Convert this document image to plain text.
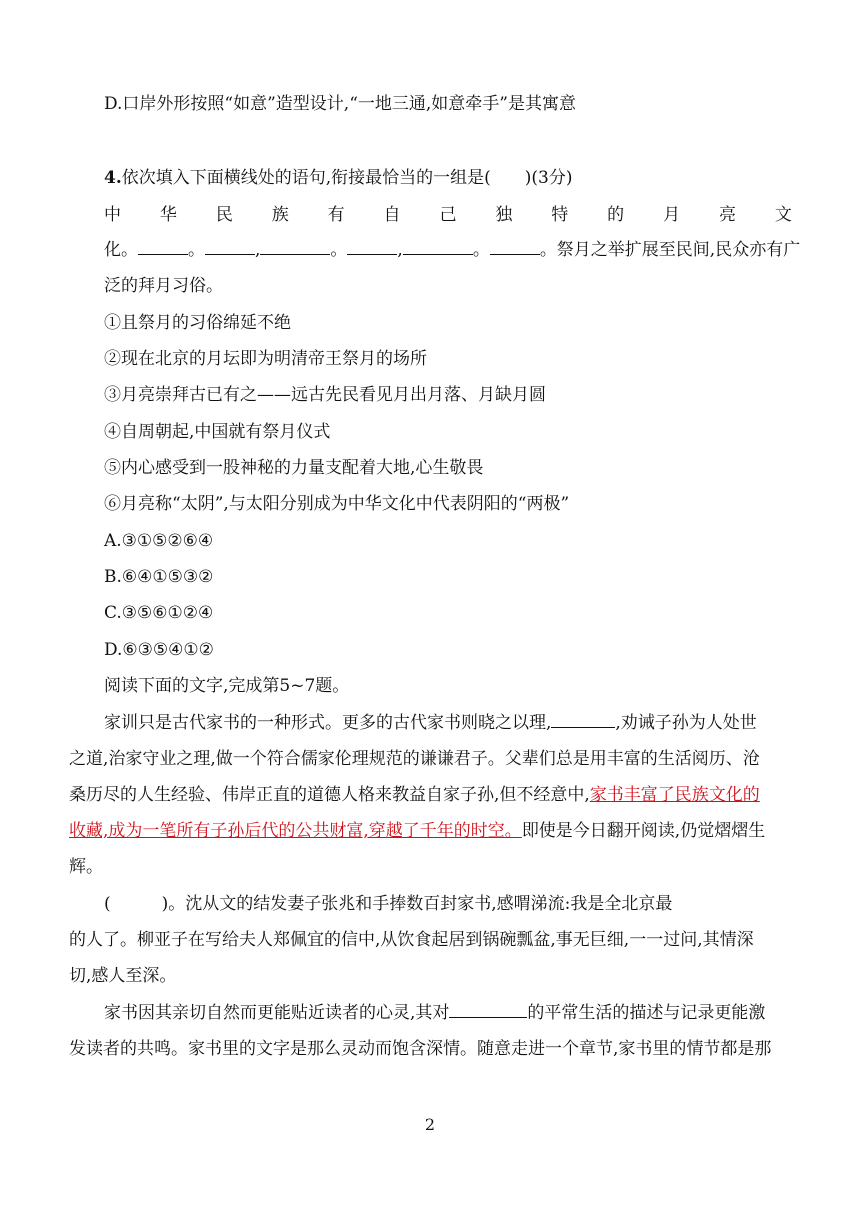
D.口岸外形按照“如意”造型设计,“一地三通,如意牵手”是其寓意
4.依次填入下面横线处的语句,衔接最恰当的一组是(　　)(3分)
中 华 民 族 有 自 己 独 特 的 月 亮 文
化。	。	,	。	,	。	。祭月之举扩展至民间,民众亦有广
泛的拜月习俗。
①且祭月的习俗绵延不绝
②现在北京的月坛即为明清帝王祭月的场所
③月亮崇拜古已有之——远古先民看见月出月落、月缺月圆
④自周朝起,中国就有祭月仪式
⑤内心感受到一股神秘的力量支配着大地,心生敬畏
⑥月亮称“太阴”,与太阳分别成为中华文化中代表阴阳的“两极”
A.③①⑤②⑥④
B.⑥④①⑤③②
C.③⑤⑥①②④
D.⑥③⑤④①②
阅读下面的文字,完成第5~7题。
家训只是古代家书的一种形式。更多的古代家书则晓之以理,	,劝诫子孙为人处世
之道,治家守业之理,做一个符合儒家伦理规范的谦谦君子。父辈们总是用丰富的生活阅历、沧
桑历尽的人生经验、伟岸正直的道德人格来教益自家子孙,但不经意中,家书丰富了民族文化的
收藏,成为一笔所有子孙后代的公共财富,穿越了千年的时空。即使是今日翻开阅读,仍觉熠熠生
辉。
(　　　)。沈从文的结发妻子张兆和手捧数百封家书,感喟涕流:我是全北京最
的人了。柳亚子在写给夫人郑佩宜的信中,从饮食起居到锅碗瓢盆,事无巨细,一一过问,其情深
切,感人至深。
家书因其亲切自然而更能贴近读者的心灵,其对	的平常生活的描述与记录更能激
发读者的共鸣。家书里的文字是那么灵动而饱含深情。随意走进一个章节,家书里的情节都是那
2
